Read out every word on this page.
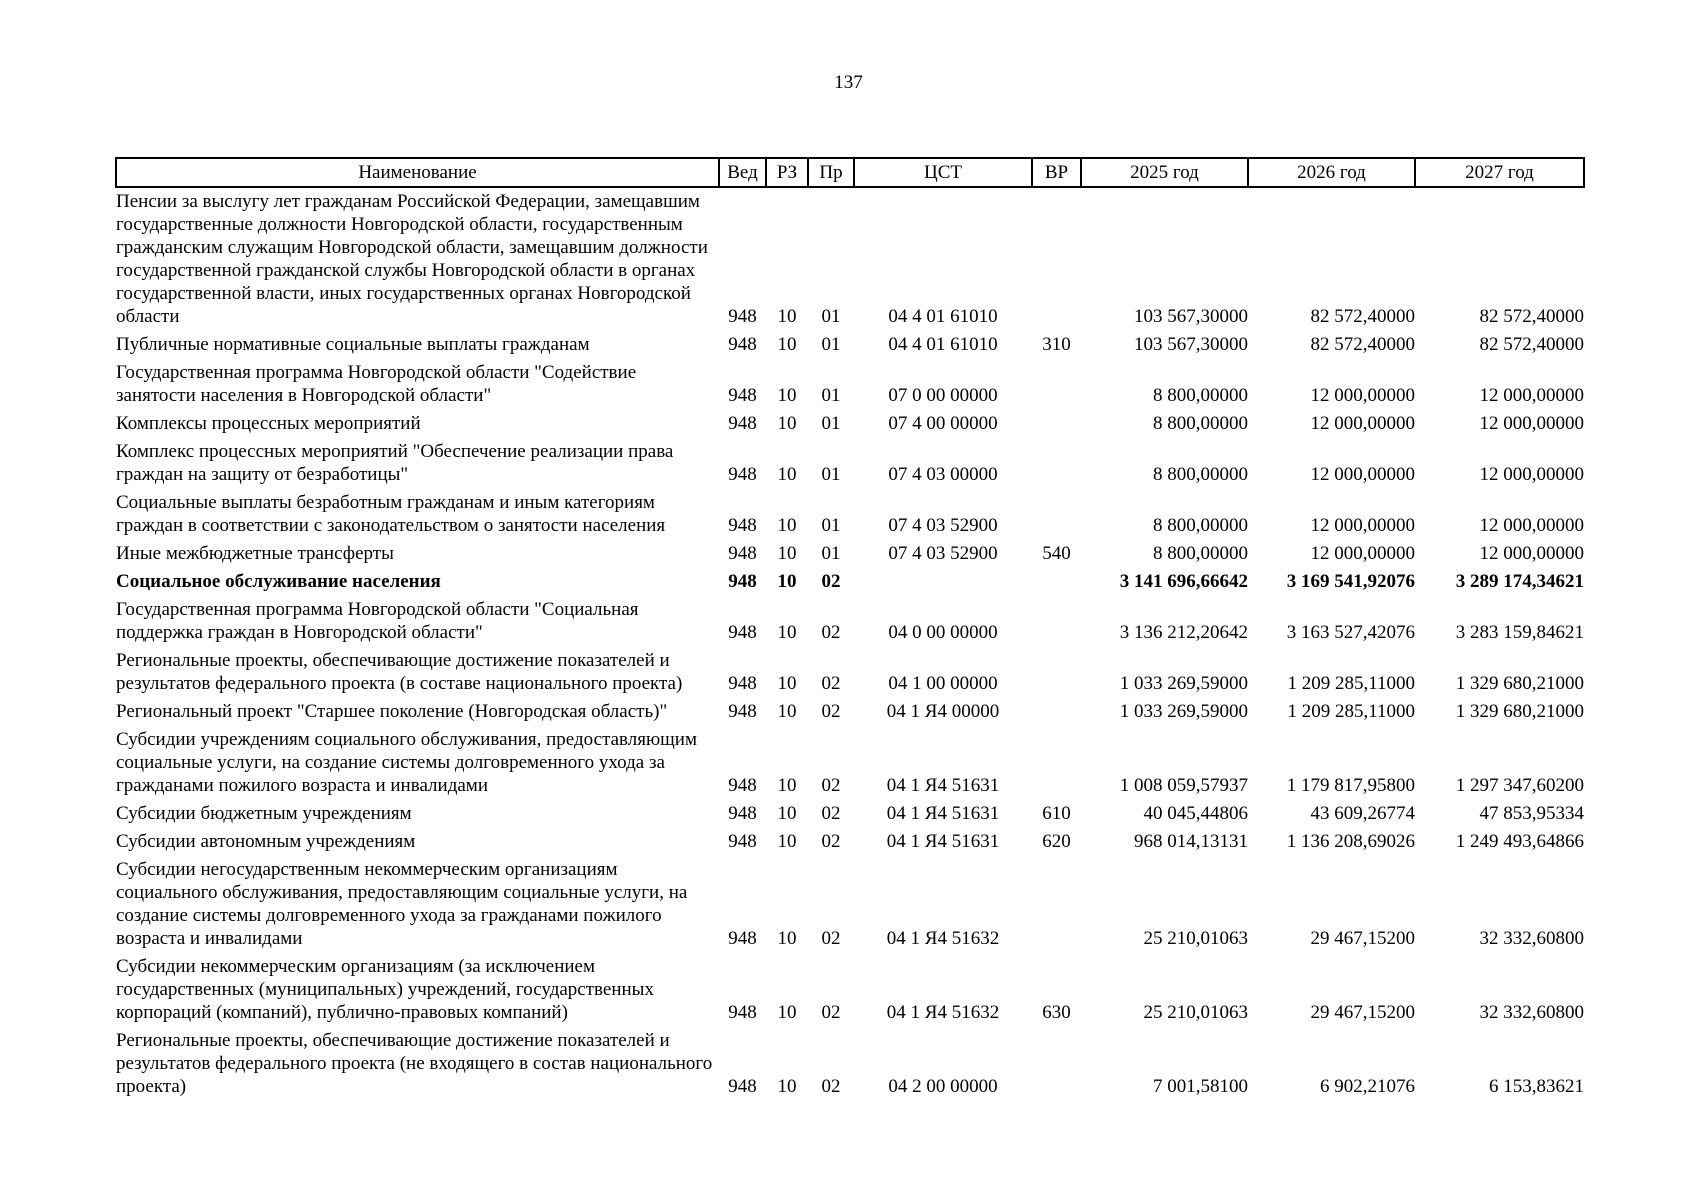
137
Наименование	Вед	РЗ	Пр	ЦСТ	ВР	2025 год	2026 год	2027 год
Пенсии за выслугу лет гражданам Российской Федерации, замещавшим государственные должности Новгородской области, государственным гражданским служащим Новгородской области, замещавшим должности государственной гражданской службы Новгородской области в органах государственной власти, иных государственных органах Новгородской области	948	10	01	04 4 01 61010		103 567,30000	82 572,40000	82 572,40000
Публичные нормативные социальные выплаты гражданам	948	10	01	04 4 01 61010	310	103 567,30000	82 572,40000	82 572,40000
Государственная программа Новгородской области "Содействие занятости населения в Новгородской области"	948	10	01	07 0 00 00000		8 800,00000	12 000,00000	12 000,00000
Комплексы процессных мероприятий	948	10	01	07 4 00 00000		8 800,00000	12 000,00000	12 000,00000
Комплекс процессных мероприятий "Обеспечение реализации права граждан на защиту от безработицы"	948	10	01	07 4 03 00000		8 800,00000	12 000,00000	12 000,00000
Социальные выплаты безработным гражданам и иным категориям граждан в соответствии с законодательством о занятости населения	948	10	01	07 4 03 52900		8 800,00000	12 000,00000	12 000,00000
Иные межбюджетные трансферты	948	10	01	07 4 03 52900	540	8 800,00000	12 000,00000	12 000,00000
Социальное обслуживание населения	948	10	02			3 141 696,66642	3 169 541,92076	3 289 174,34621
Государственная программа Новгородской области "Социальная поддержка граждан в Новгородской области"	948	10	02	04 0 00 00000		3 136 212,20642	3 163 527,42076	3 283 159,84621
Региональные проекты, обеспечивающие достижение показателей и результатов федерального проекта (в составе национального проекта)	948	10	02	04 1 00 00000		1 033 269,59000	1 209 285,11000	1 329 680,21000
Региональный проект "Старшее поколение (Новгородская область)"	948	10	02	04 1 Я4 00000		1 033 269,59000	1 209 285,11000	1 329 680,21000
Субсидии учреждениям социального обслуживания, предоставляющим социальные услуги, на создание системы долговременного ухода за гражданами пожилого возраста и инвалидами	948	10	02	04 1 Я4 51631		1 008 059,57937	1 179 817,95800	1 297 347,60200
Субсидии бюджетным учреждениям	948	10	02	04 1 Я4 51631	610	40 045,44806	43 609,26774	47 853,95334
Субсидии автономным учреждениям	948	10	02	04 1 Я4 51631	620	968 014,13131	1 136 208,69026	1 249 493,64866
Субсидии негосударственным некоммерческим организациям социального обслуживания, предоставляющим социальные услуги, на создание системы долговременного ухода за гражданами пожилого возраста и инвалидами	948	10	02	04 1 Я4 51632		25 210,01063	29 467,15200	32 332,60800
Субсидии некоммерческим организациям (за исключением государственных (муниципальных) учреждений, государственных корпораций (компаний), публично-правовых компаний)	948	10	02	04 1 Я4 51632	630	25 210,01063	29 467,15200	32 332,60800
Региональные проекты, обеспечивающие достижение показателей и результатов федерального проекта (не входящего в состав национального проекта)	948	10	02	04 2 00 00000		7 001,58100	6 902,21076	6 153,83621
